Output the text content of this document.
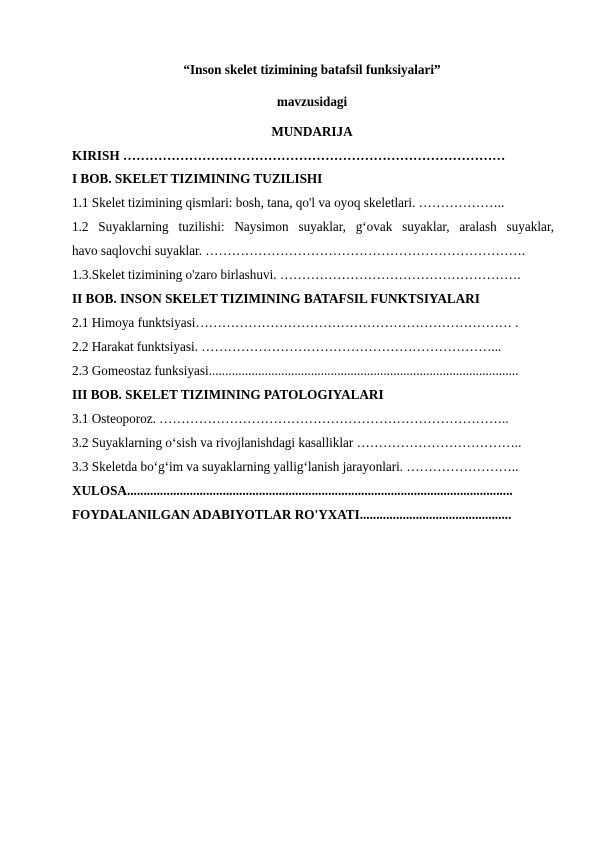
“Inson skelet tizimining batafsil funksiyalari”
mavzusidagi
MUNDARIJA
KIRISH ……………………………………………………………………………
I BOB. SKELET TIZIMINING TUZILISHI
1.1 Skelet tizimining qismlari: bosh, tana, qo'l va oyoq skeletlari. ………………..
1.2 Suyaklarning tuzilishi: Naysimon suyaklar, g‘ovak suyaklar, aralash suyaklar,
havo saqlovchi suyaklar. ……………………………………………………………….
1.3.Skelet tizimining o'zaro birlashuvi. ……………………………………………….
II BOB. INSON SKELET TIZIMINING BATAFSIL FUNKTSIYALARI
2.1 Himoya funktsiyasi……………………………………………………………… .
2.2 Harakat funktsiyasi. …………………………………………………………...
2.3 Gomeostaz funksiyasi..............................................................................................
III BOB. SKELET TIZIMINING PATOLOGIYALARI
3.1 Osteoporoz. ……………………………………………………………………..
3.2 Suyaklarning o‘sish va rivojlanishdagi kasalliklar ………………………………..
3.3 Skeletda bo‘g‘im va suyaklarning yallig‘lanish jarayonlari. ……………………..
XULOSA.....................................................................................................................
FOYDALANILGAN ADABIYOTLAR RO'YXATI..............................................
